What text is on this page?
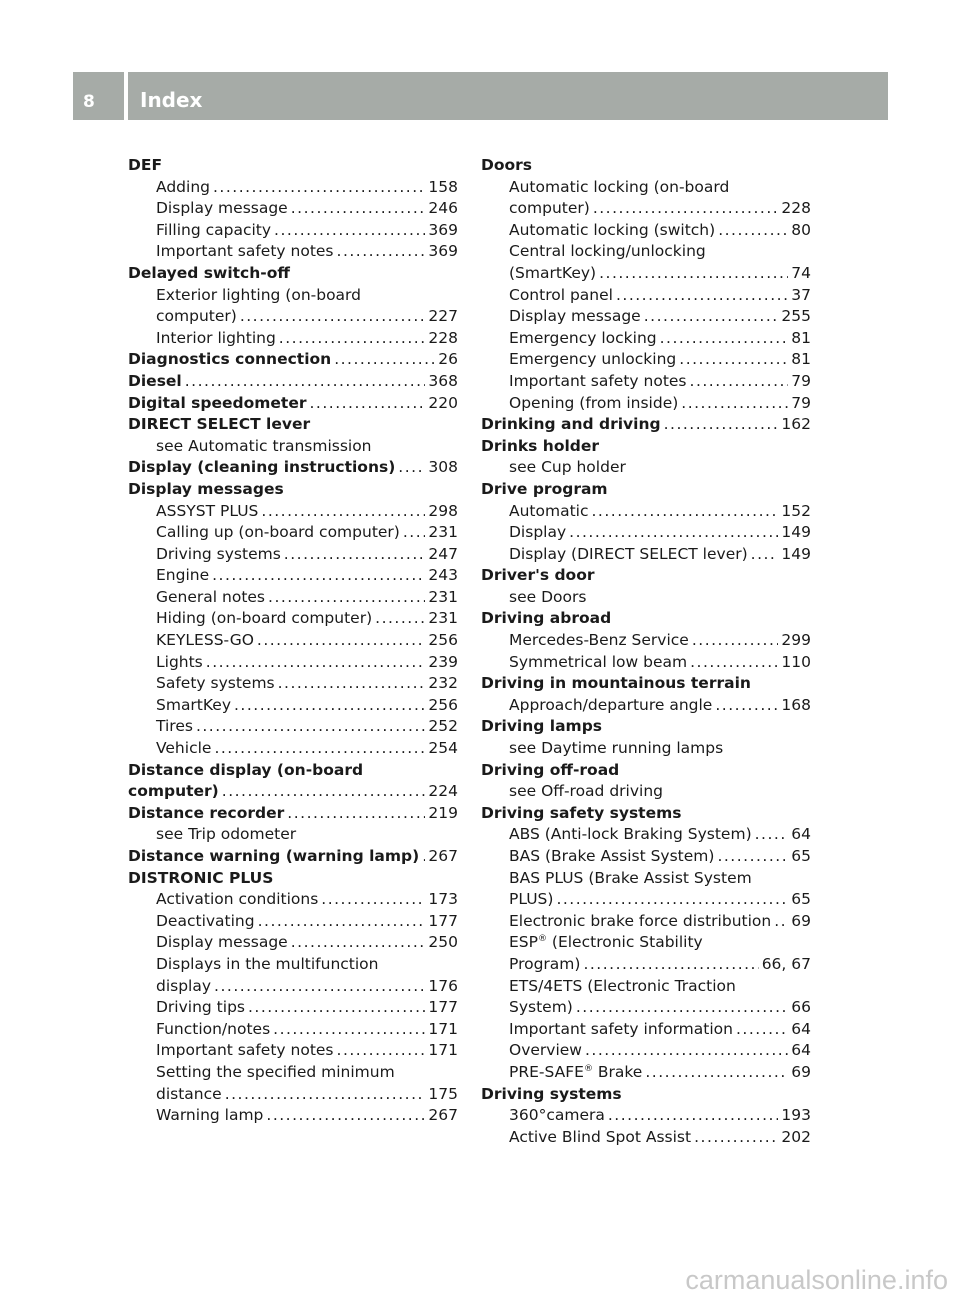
8 Index
DEF
Adding .....	158
Display message .....	246
Filling capacity .....	369
Important safety notes .....	369
Delayed switch-off
Exterior lighting (on-board
computer) .....	227
Interior lighting .....	228
Diagnostics connection .....	26
Diesel .....	368
Digital speedometer .....	220
DIRECT SELECT lever
see Automatic transmission
Display (cleaning instructions) ..... 308
Display messages
ASSYST PLUS .....	298
Calling up (on-board computer) ..... 231
Driving systems .....	247
Engine .....	243
General notes .....	231
Hiding (on-board computer) .....	231
KEYLESS-GO .....	256
Lights .....	239
Safety systems .....	232
SmartKey .....	256
Tires .....	252
Vehicle .....	254
Distance display (on-board
computer) .....	224
Distance recorder .....	219
see Trip odometer
Distance warning (warning lamp) ..... 267
DISTRONIC PLUS
Activation conditions .....	173
Deactivating .....	177
Display message .....	250
Displays in the multifunction
display .....	176
Driving tips .....	177
Function/notes .....	171
Important safety notes .....	171
Setting the specified minimum
distance .....	175
Warning lamp .....	267
Doors
Automatic locking (on-board
computer) .....	228
Automatic locking (switch) .....	80
Central locking/unlocking
(SmartKey) .....	74
Control panel .....	37
Display message .....	255
Emergency locking .....	81
Emergency unlocking .....	81
Important safety notes .....	79
Opening (from inside) .....	79
Drinking and driving .....	162
Drinks holder
see Cup holder
Drive program
Automatic .....	152
Display .....	149
Display (DIRECT SELECT lever) ..... 149
Driver's door
see Doors
Driving abroad
Mercedes-Benz Service .....	299
Symmetrical low beam .....	110
Driving in mountainous terrain
Approach/departure angle .....	168
Driving lamps
see Daytime running lamps
Driving off-road
see Off-road driving
Driving safety systems
ABS (Anti-lock Braking System) .....	64
BAS (Brake Assist System) .....	65
BAS PLUS (Brake Assist System
PLUS) .....	65
Electronic brake force distribution ..... 69
ESP® (Electronic Stability
Program) .....	66, 67
ETS/4ETS (Electronic Traction
System) .....	66
Important safety information .....	64
Overview .....	64
PRE-SAFE® Brake .....	69
Driving systems
360°camera .....	193
Active Blind Spot Assist .....	202
carmanualsonline.info
